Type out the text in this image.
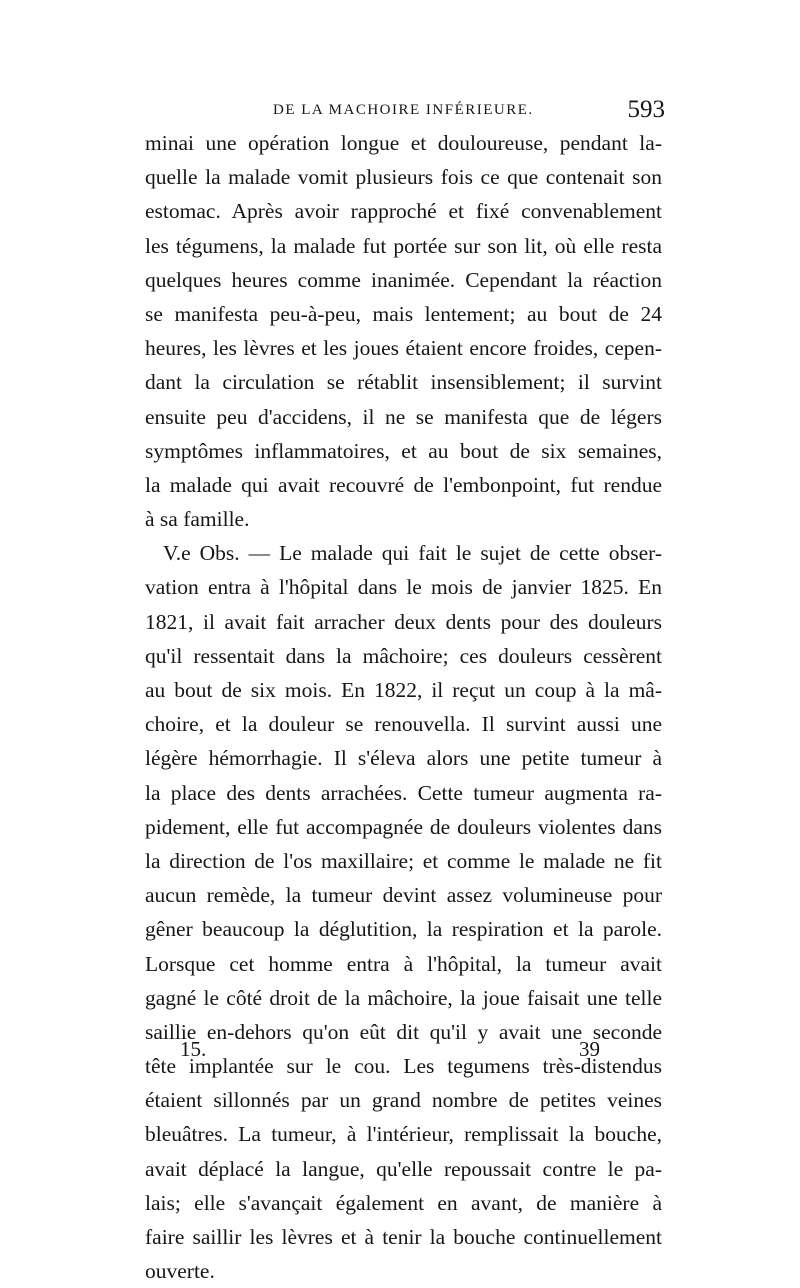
DE LA MACHOIRE INFÉRIEURE.	593
minai une opération longue et douloureuse, pendant la-
quelle la malade vomit plusieurs fois ce que contenait son
estomac. Après avoir rapproché et fixé convenablement
les tégumens, la malade fut portée sur son lit, où elle resta
quelques heures comme inanimée. Cependant la réaction
se manifesta peu-à-peu, mais lentement; au bout de 24
heures, les lèvres et les joues étaient encore froides, cepen-
dant la circulation se rétablit insensiblement; il survint
ensuite peu d'accidens, il ne se manifesta que de légers
symptômes inflammatoires, et au bout de six semaines,
la malade qui avait recouvré de l'embonpoint, fut rendue
à sa famille.
V.e Obs. — Le malade qui fait le sujet de cette obser-
vation entra à l'hôpital dans le mois de janvier 1825. En
1821, il avait fait arracher deux dents pour des douleurs
qu'il ressentait dans la mâchoire; ces douleurs cessèrent
au bout de six mois. En 1822, il reçut un coup à la mâ-
choire, et la douleur se renouvella. Il survint aussi une
légère hémorrhagie. Il s'éleva alors une petite tumeur à
la place des dents arrachées. Cette tumeur augmenta ra-
pidement, elle fut accompagnée de douleurs violentes dans
la direction de l'os maxillaire; et comme le malade ne fit
aucun remède, la tumeur devint assez volumineuse pour
gêner beaucoup la déglutition, la respiration et la parole.
Lorsque cet homme entra à l'hôpital, la tumeur avait
gagné le côté droit de la mâchoire, la joue faisait une telle
saillie en-dehors qu'on eût dit qu'il y avait une seconde
tête implantée sur le cou. Les tegumens très-distendus
étaient sillonnés par un grand nombre de petites veines
bleuâtres. La tumeur, à l'intérieur, remplissait la bouche,
avait déplacé la langue, qu'elle repoussait contre le pa-
lais; elle s'avançait également en avant, de manière à
faire saillir les lèvres et à tenir la bouche continuellement
ouverte.
15.	39
